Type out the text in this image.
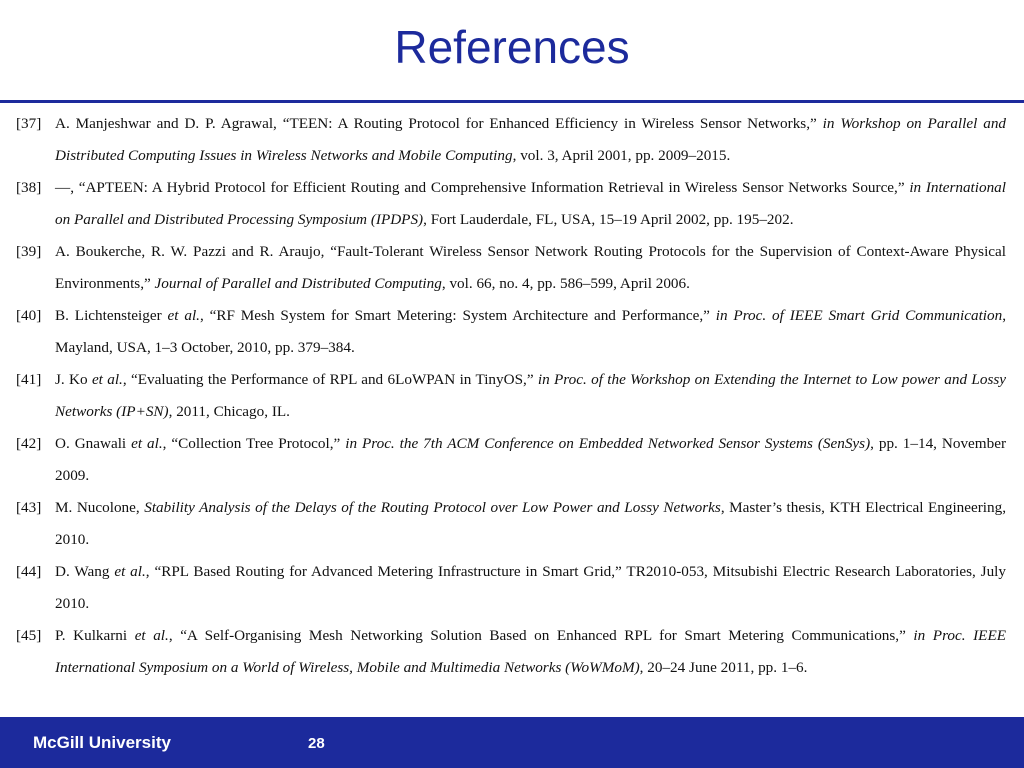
References
[37] A. Manjeshwar and D. P. Agrawal, “TEEN: A Routing Protocol for Enhanced Efficiency in Wireless Sensor Networks,” in Workshop on Parallel and Distributed Computing Issues in Wireless Networks and Mobile Computing, vol. 3, April 2001, pp. 2009–2015.
[38] —, “APTEEN: A Hybrid Protocol for Efficient Routing and Comprehensive Information Retrieval in Wireless Sensor Networks Source,” in International on Parallel and Distributed Processing Symposium (IPDPS), Fort Lauderdale, FL, USA, 15–19 April 2002, pp. 195–202.
[39] A. Boukerche, R. W. Pazzi and R. Araujo, “Fault-Tolerant Wireless Sensor Network Routing Protocols for the Supervision of Context-Aware Physical Environments,” Journal of Parallel and Distributed Computing, vol. 66, no. 4, pp. 586–599, April 2006.
[40] B. Lichtensteiger et al., “RF Mesh System for Smart Metering: System Architecture and Performance,” in Proc. of IEEE Smart Grid Communication, Mayland, USA, 1–3 October, 2010, pp. 379–384.
[41] J. Ko et al., “Evaluating the Performance of RPL and 6LoWPAN in TinyOS,” in Proc. of the Workshop on Extending the Internet to Low power and Lossy Networks (IP+SN), 2011, Chicago, IL.
[42] O. Gnawali et al., “Collection Tree Protocol,” in Proc. the 7th ACM Conference on Embedded Networked Sensor Systems (SenSys), pp. 1–14, November 2009.
[43] M. Nucolone, Stability Analysis of the Delays of the Routing Protocol over Low Power and Lossy Networks, Master’s thesis, KTH Electrical Engineering, 2010.
[44] D. Wang et al., “RPL Based Routing for Advanced Metering Infrastructure in Smart Grid,” TR2010-053, Mitsubishi Electric Research Laboratories, July 2010.
[45] P. Kulkarni et al., “A Self-Organising Mesh Networking Solution Based on Enhanced RPL for Smart Metering Communications,” in Proc. IEEE International Symposium on a World of Wireless, Mobile and Multimedia Networks (WoWMoM), 20–24 June 2011, pp. 1–6.
McGill University	28
